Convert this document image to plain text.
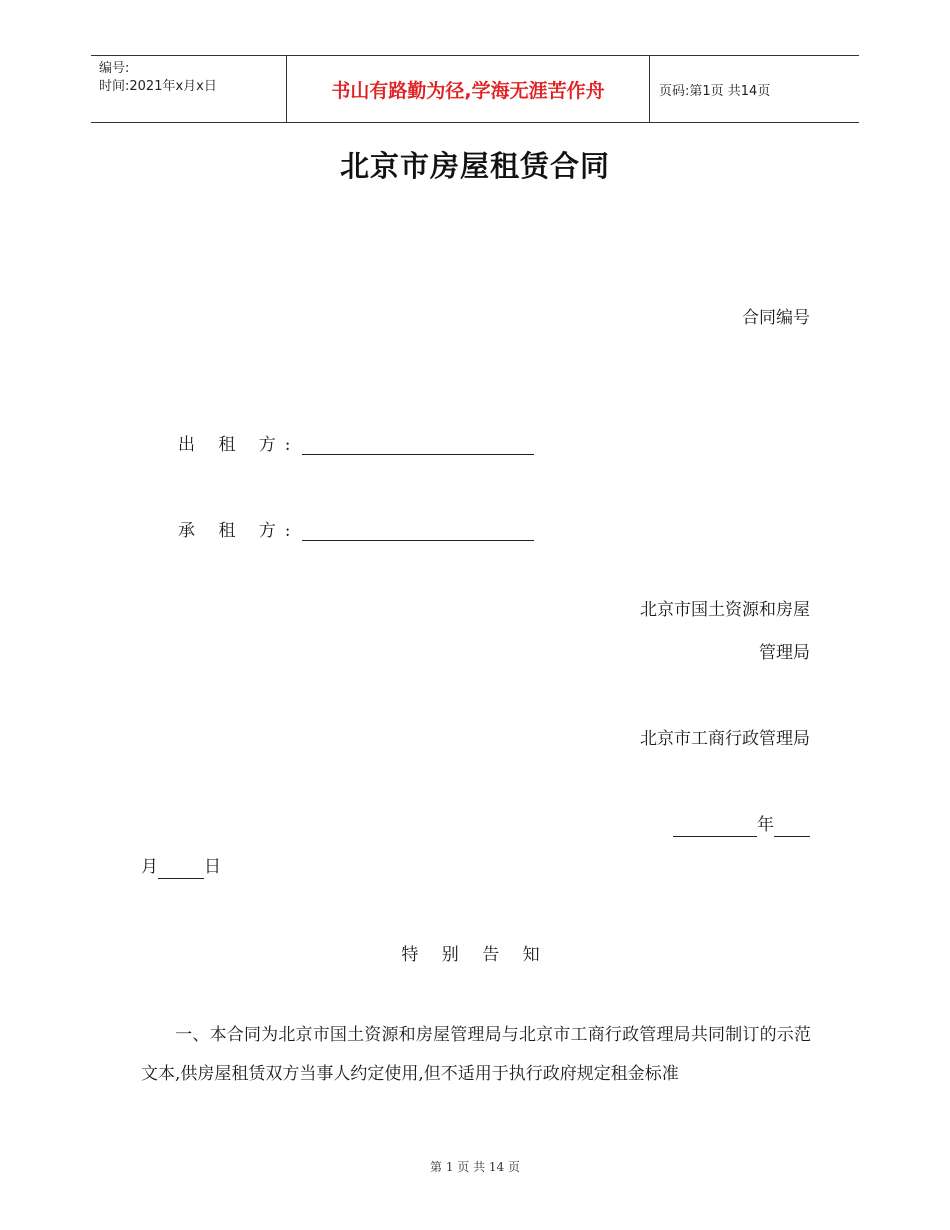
编号:
时间:2021年x月x日	书山有路勤为径,学海无涯苦作舟	页码:第1页 共14页
北京市房屋租赁合同
合同编号
出 租 方:
承 租 方:
北京市国土资源和房屋
管理局
北京市工商行政管理局
年
月	日
特 别 告 知
一、本合同为北京市国土资源和房屋管理局与北京市工商行政管理局共同制订的示范文本,供房屋租赁双方当事人约定使用,但不适用于执行政府规定租金标准
第 1 页 共 14 页
